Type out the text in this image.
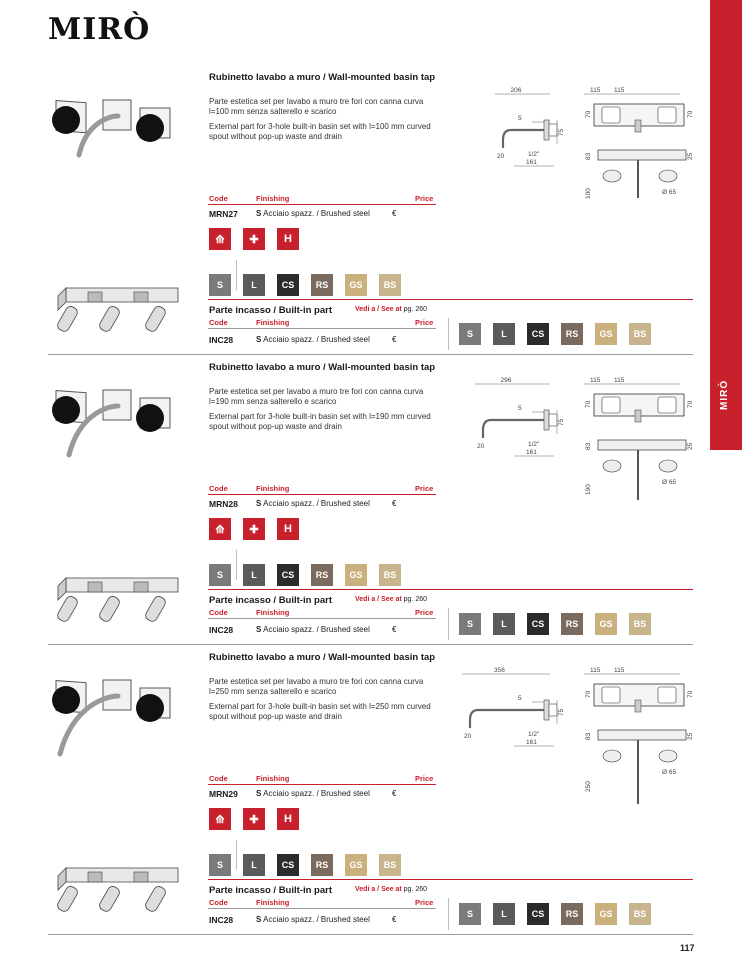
MIRÒ
MIRÒ
Rubinetto lavabo a muro / Wall-mounted basin tap
Parte estetica set per lavabo a muro tre fori con canna curva l=100 mm senza salterello e scarico
External part for 3-hole built-in basin set with l=100 mm curved spout without pop-up waste and drain
206
5
75
1/2"
161
20
115 115
70	70
83	25
100	Ø 65
Code	Finishing	Price
MRN27 S Acciaio spazz. / Brushed steel	€
⟰	✚	H
S	L	CS	RS	GS	BS
Parte incasso / Built-in part	Vedi a / See at pg. 260
Code	Finishing	Price
INC28	S Acciaio spazz. / Brushed steel	€
S	L	CS	RS	GS	BS
Rubinetto lavabo a muro / Wall-mounted basin tap
Parte estetica set per lavabo a muro tre fori con canna curva l=190 mm senza salterello e scarico
External part for 3-hole built-in basin set with l=190 mm curved spout without pop-up waste and drain
296
5
75
1/2"
161
20
115 115
70	70
83	25
190
Ø 65
Code	Finishing	Price
MRN28 S Acciaio spazz. / Brushed steel	€
⟰	✚	H
S	L	CS	RS	GS	BS
Parte incasso / Built-in part	Vedi a / See at pg. 260
Code	Finishing	Price
INC28	S Acciaio spazz. / Brushed steel	€
S	L	CS	RS	GS	BS
Rubinetto lavabo a muro / Wall-mounted basin tap
Parte estetica set per lavabo a muro tre fori con canna curva l=250 mm senza salterello e scarico
External part for 3-hole built-in basin set with l=250 mm curved spout without pop-up waste and drain
356
5
75
1/2"
161
20
115 115
70	70
83	25
250
Ø 65
Code	Finishing	Price
MRN29 S Acciaio spazz. / Brushed steel	€
⟰	✚	H
S	L	CS	RS	GS	BS
Parte incasso / Built-in part	Vedi a / See at pg. 260
Code	Finishing	Price
INC28	S Acciaio spazz. / Brushed steel	€
S	L	CS	RS	GS	BS
117
